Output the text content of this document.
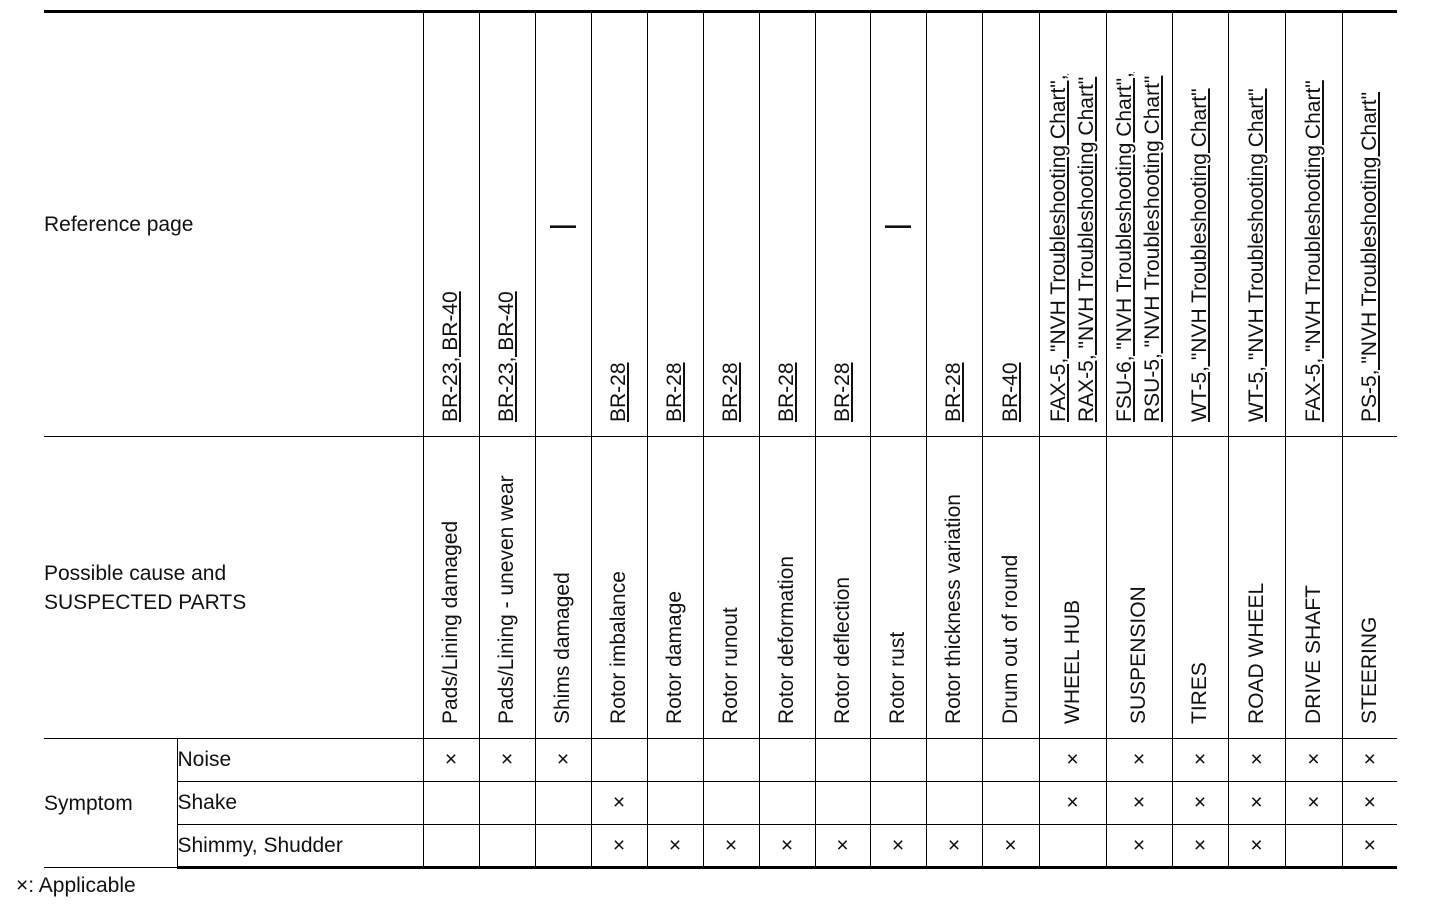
Reference page		BR-23, BR-40	BR-23, BR-40	—	BR-28	BR-28	BR-28	BR-28	BR-28	—	BR-28	BR-40	FAX-5, "NVH Troubleshooting Chart", RAX-5, "NVH Troubleshooting Chart"	FSU-6, "NVH Troubleshooting Chart", RSU-5, "NVH Troubleshooting Chart"	WT-5, "NVH Troubleshooting Chart"	WT-5, "NVH Troubleshooting Chart"	FAX-5, "NVH Troubleshooting Chart"	PS-5, "NVH Troubleshooting Chart"

Possible cause and
SUSPECTED PARTS		Pads/Lining damaged	Pads/Lining - uneven wear	Shims damaged	Rotor imbalance	Rotor damage	Rotor runout	Rotor deformation	Rotor deflection	Rotor rust	Rotor thickness variation	Drum out of round	WHEEL HUB	SUSPENSION	TIRES	ROAD WHEEL	DRIVE SHAFT	STEERING

Symptom	Noise	×	×	×									×	×	×	×	×	×
	Shake				×								×	×	×	×	×	×
	Shimmy, Shudder				×	×	×	×	×	×	×	×		×	×	×		×
×: Applicable
